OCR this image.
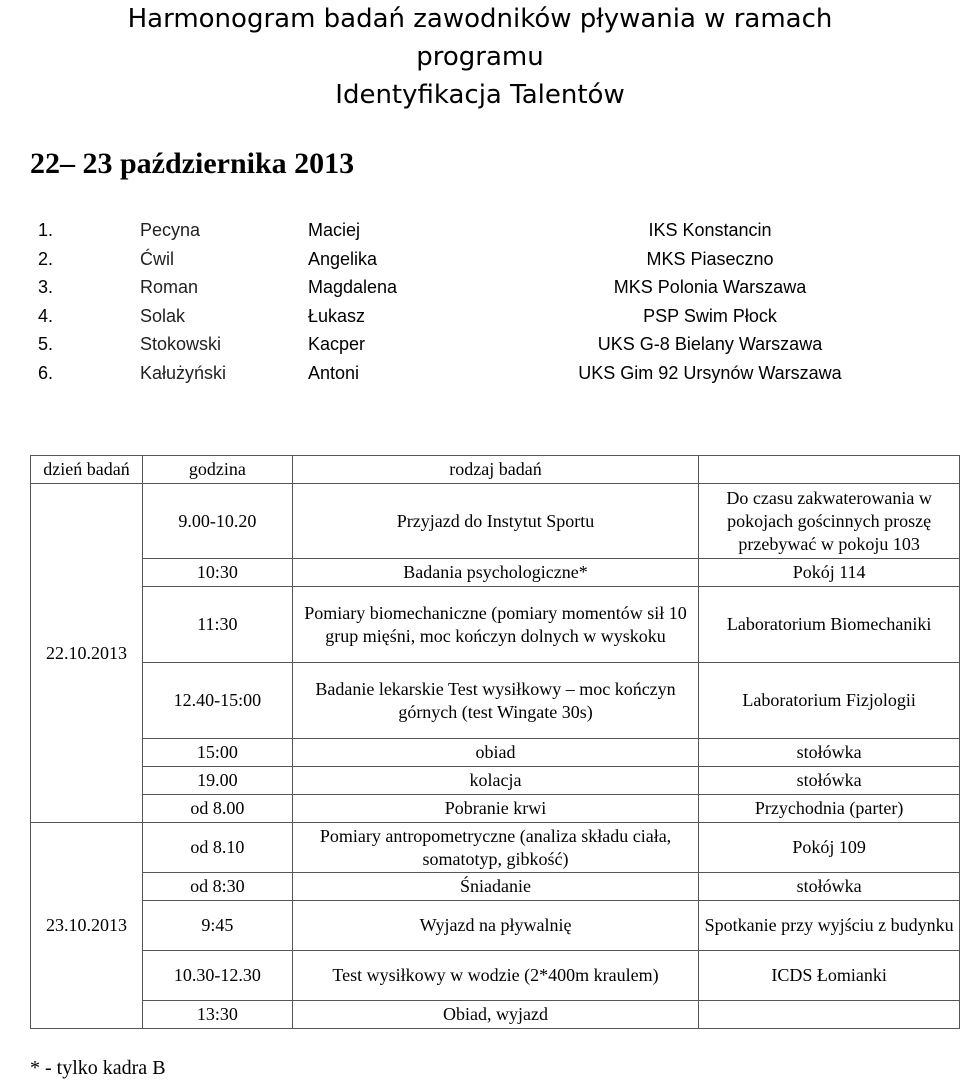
Harmonogram badań zawodników pływania w ramach
programu
Identyfikacja Talentów
22– 23 października 2013
1.	Pecyna	Maciej	IKS Konstancin
2.	Ćwil	Angelika	MKS Piaseczno
3.	Roman	Magdalena	MKS Polonia Warszawa
4.	Solak	Łukasz	PSP Swim Płock
5.	Stokowski	Kacper	UKS G-8 Bielany Warszawa
6.	Kałużyński	Antoni	UKS Gim 92 Ursynów Warszawa
dzień badań	godzina	rodzaj badań	
22.10.2013	9.00-10.20	Przyjazd do Instytut Sportu	Do czasu zakwaterowania w pokojach gościnnych proszę przebywać w pokoju 103
	10:30	Badania psychologiczne*	Pokój 114
	11:30	Pomiary biomechaniczne (pomiary momentów sił 10 grup mięśni, moc kończyn dolnych w wyskoku	Laboratorium Biomechaniki
	12.40-15:00	Badanie lekarskie Test wysiłkowy – moc kończyn górnych (test Wingate 30s)	Laboratorium Fizjologii
	15:00	obiad	stołówka
	19.00	kolacja	stołówka
	od 8.00	Pobranie krwi	Przychodnia (parter)
23.10.2013	od 8.10	Pomiary antropometryczne (analiza składu ciała, somatotyp, gibkość)	Pokój 109
	od 8:30	Śniadanie	stołówka
	9:45	Wyjazd na pływalnię	Spotkanie przy wyjściu z budynku
	10.30-12.30	Test wysiłkowy w wodzie (2*400m kraulem)	ICDS Łomianki
	13:30	Obiad, wyjazd	
* - tylko kadra B
